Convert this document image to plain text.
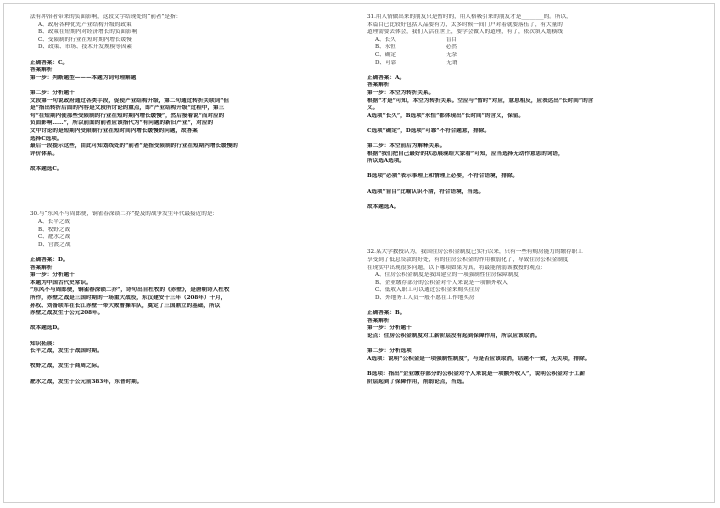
法有冲治者带来的负面影响，这段文字结现处的“前者”是指：

A、政府各种优先产业结构升级的政策

B、政策在短期内对经济增长的负面影响

C、受限制的行业在短时期内增长缓慢

D、政策、市场、技术开发规模等因素

正确答案：C。

答案解析

第一步：判断题型———本题为词句理解题

第二步：分析题干

文段第一句说政府通过各类手段，促使产业结构升级，第二句通过转折关联词“但

是”指出转折后面的内容是文段所讨论的重点，即“产业结构升级”过程中，第三

句“在短期内使那些受限制的行业在短时期内增长缓慢”，然后接着说“而对应的

负面影响……”，所以前面的前者应该指代为“有问题的新旧产业”，对应的

文中讨论的是短期内受限制行业在短时间内增长缓慢的问题，故答案

选择C选项。

最后一段提示这些，由此可知划线处的“前者”是指受限制的行业在短期内增长缓慢的

评价体系。

故本题选C。

30.与“东风不与周郎便，铜雀春深锁二乔”提及的战争发生年代最接近的是：

A、长平之战

B、牧野之战

C、淝水之战

D、官渡之战

正确答案：D。

答案解析

第一步：分析题干

本题为中国古代史常识。

“东风不与周郎便，铜雀春深锁二乔”，诗句出自杜牧的《赤壁》，是唐朝诗人杜牧

所作，赤壁之战是三国时期的一场重大战役，东汉建安十三年（208年）十月，

孙权、刘备联军在长江赤壁一带大败曹操军队，奠定了三国鼎立的基础，所以

赤壁之战发生于公元208年。

故本题选D。

知识拓展：

长平之战，发生于战国时期。

牧野之战，发生于商周之际。

淝水之战，发生于公元前383年，东晋时期。

31.用人情做出来的朋友只是暂时的，用人格吸引来的朋友才是________的。所以，

本篇目已比较好包括人品要有力，太多时候一间门户对着就要落伍了，有大量的

道理需要去体会，我们人活在世上，要学会做人的道理，有了，依次填入划横线

A、长久	盲目

B、永恒	必然

C、确定	无奈

D、可靠	无谓

正确答案：A。

答案解析

第一步：本空为转折关系。

根据“才是”可知，本空为转折关系。空应与“暂时”对应，意思相反，应表达出“长时间”的含

义。

A选项“长久”，B选项“永恒”都体现出“长时间”的含义，保留。

C选项“确定”，D选项“可靠”不符合题意，排除。

第二步：本空前后为解释关系。

根据“我们把自己最好的状态展现给大家看”可知，应当选择无动作意思的词语，

所以选A选项。

B选项“必须”表示事理上和情理上必要，不符合语境，排除。

A选项“盲目”比喻认识不清，符合语境，当选。

故本题选A。

32.某大学教授认为，我国住房公积金制度已实行以来，只有一些有购房能力的缴存职工

享受到了低息贷款的好处，有的住房公积金的作用被弱化了，导致住房公积金制度

在现实中出现很多问题，以下哪项如果为真，将最能削弱该教授的观点：

A、住房公积金制度是我国建立的一项强制性住房保障制度

B、企业缴存部分的公积金对个人来说是一项额外收入

C、低收入职工可以通过公积金来购买住房

D、外地务工人员一般不愿在工作地买房

正确答案：B。

答案解析

第一步：分析题干

论点：住房公积金制度对工薪阶层没有起到保障作用，所以应该取消。

第二步：分析选项

A选项：说明“公积金是一项强制性制度”，与是否应该取消，话题不一致，无关项，排除。

B选项：指出“企业缴存部分的公积金对个人来说是一项额外收入”，说明公积金对于工薪

阶层起到了保障作用，削弱论点，当选。
